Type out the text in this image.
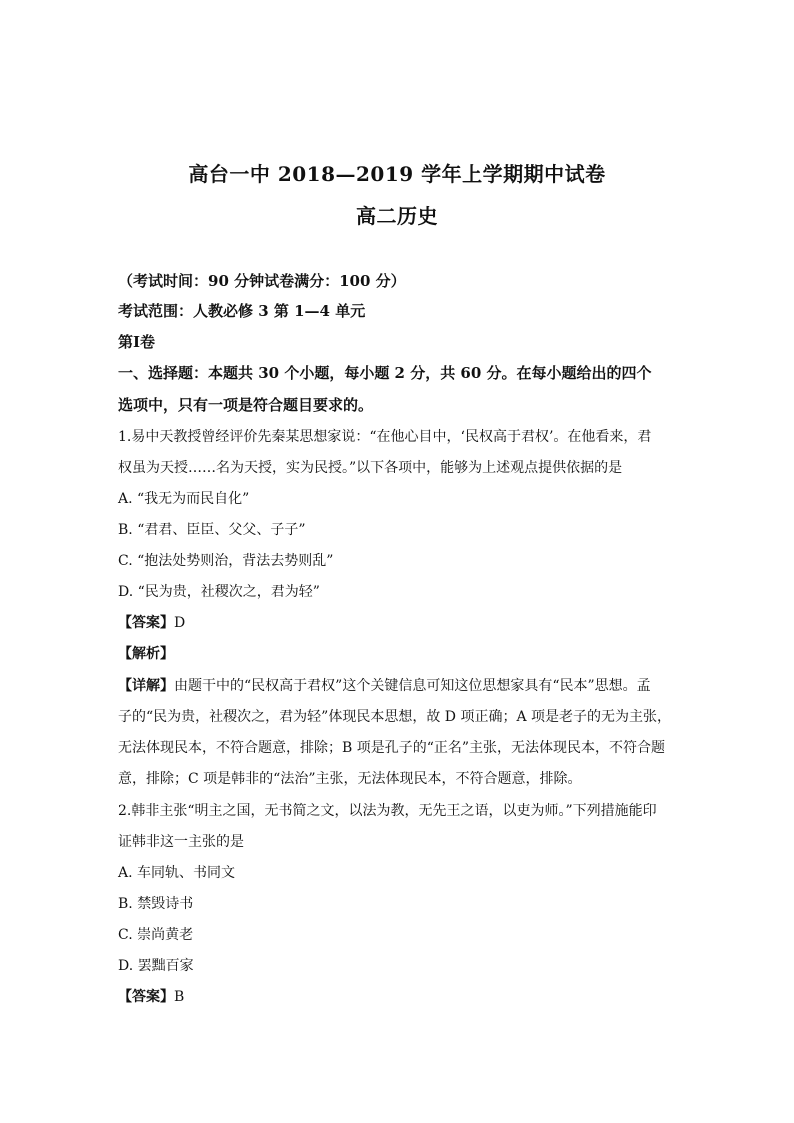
高台一中 2018—2019 学年上学期期中试卷
高二历史
（考试时间：90 分钟试卷满分：100 分）
考试范围：人教必修 3 第 1—4 单元
第Ⅰ卷
一、选择题：本题共 30 个小题，每小题 2 分，共 60 分。在每小题给出的四个
选项中，只有一项是符合题目要求的。
1.易中天教授曾经评价先秦某思想家说：“在他心目中，‘民权高于君权’。在他看来，君
权虽为天授……名为天授，实为民授。”以下各项中，能够为上述观点提供依据的是
A. “我无为而民自化”
B. “君君、臣臣、父父、子子”
C. “抱法处势则治，背法去势则乱”
D. “民为贵，社稷次之，君为轻”
【答案】D
【解析】
【详解】由题干中的“民权高于君权”这个关键信息可知这位思想家具有“民本”思想。孟
子的“民为贵，社稷次之，君为轻”体现民本思想，故 D 项正确；A 项是老子的无为主张，
无法体现民本，不符合题意，排除；B 项是孔子的“正名”主张，无法体现民本，不符合题
意，排除；C 项是韩非的“法治”主张，无法体现民本，不符合题意，排除。
2.韩非主张“明主之国，无书简之文，以法为教，无先王之语，以吏为师。”下列措施能印
证韩非这一主张的是
A. 车同轨、书同文
B. 禁毁诗书
C. 崇尚黄老
D. 罢黜百家
【答案】B
